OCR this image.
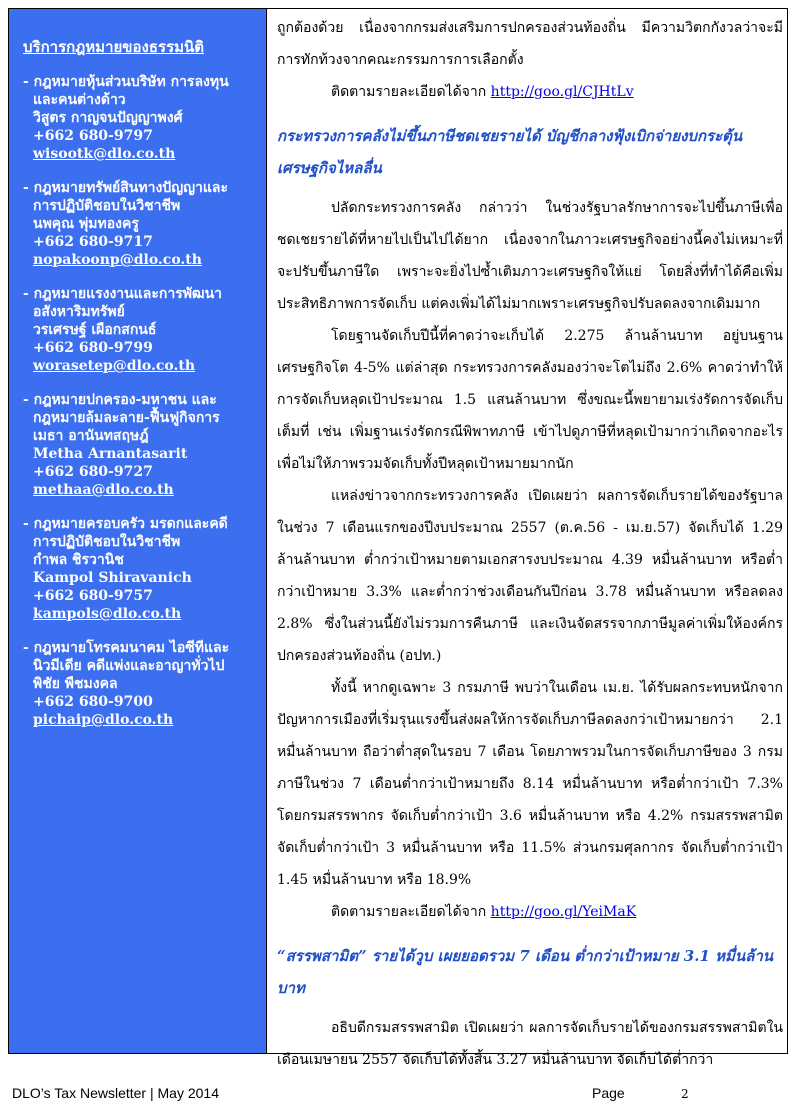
บริการกฎหมายของธรรมนิติ
- กฎหมายหุ้นส่วนบริษัท การลงทุน
และคนต่างด้าว
วิสูตร กาญจนปัญญาพงศ์
+662 680-9797
wisootk@dlo.co.th
- กฎหมายทรัพย์สินทางปัญญาและ
การปฏิบัติชอบในวิชาชีพ
นพคุณ พุ่มทองครู
+662 680-9717
nopakoonp@dlo.co.th
- กฎหมายแรงงานและการพัฒนา
อสังหาริมทรัพย์
วรเศรษฐ์ เผือกสกนธ์
+662 680-9799
worasetep@dlo.co.th
- กฎหมายปกครอง-มหาชน และ
กฎหมายล้มละลาย-ฟื้นฟูกิจการ
เมธา อานันทสฤษฎ์
Metha Arnantasarit
+662 680-9727
methaa@dlo.co.th
- กฎหมายครอบครัว มรดกและคดี
การปฏิบัติชอบในวิชาชีพ
กำพล ชิรวานิช
Kampol Shiravanich
+662 680-9757
kampols@dlo.co.th
- กฎหมายโทรคมนาคม ไอซีทีและ
นิวมีเดีย คดีแพ่งและอาญาทั่วไป
พิชัย พืชมงคล
+662 680-9700
pichaip@dlo.co.th

ถูกต้องด้วย เนื่องจากกรมส่งเสริมการปกครองส่วนท้องถิ่น มีความวิตกกังวลว่าจะมีการทักท้วงจากคณะกรรมการการเลือกตั้ง

ติดตามรายละเอียดได้จาก http://goo.gl/CJHtLv

กระทรวงการคลังไม่ขึ้นภาษีชดเชยรายได้ บัญชีกลางฟุ้งเบิกจ่ายงบกระตุ้นเศรษฐกิจไหลลื่น

ปลัดกระทรวงการคลัง กล่าวว่า ในช่วงรัฐบาลรักษาการจะไปขึ้นภาษีเพื่อชดเชยรายได้ที่หายไปเป็นไปได้ยาก เนื่องจากในภาวะเศรษฐกิจอย่างนี้คงไม่เหมาะที่จะปรับขึ้นภาษีใด เพราะจะยิ่งไปซ้ำเติมภาวะเศรษฐกิจให้แย่ โดยสิ่งที่ทำได้คือเพิ่มประสิทธิภาพการจัดเก็บ แต่คงเพิ่มได้ไม่มากเพราะเศรษฐกิจปรับลดลงจากเดิมมาก

โดยฐานจัดเก็บปีนี้ที่คาดว่าจะเก็บได้ 2.275 ล้านล้านบาท อยู่บนฐานเศรษฐกิจโต 4-5% แต่ล่าสุด กระทรวงการคลังมองว่าจะโตไม่ถึง 2.6% คาดว่าทำให้การจัดเก็บหลุดเป้าประมาณ 1.5 แสนล้านบาท ซึ่งขณะนี้พยายามเร่งรัดการจัดเก็บเต็มที่ เช่น เพิ่มฐานเร่งรัดกรณีพิพาทภาษี เข้าไปดูภาษีที่หลุดเป้ามากว่าเกิดจากอะไร เพื่อไม่ให้ภาพรวมจัดเก็บทั้งปีหลุดเป้าหมายมากนัก

แหล่งข่าวจากกระทรวงการคลัง เปิดเผยว่า ผลการจัดเก็บรายได้ของรัฐบาลในช่วง 7 เดือนแรกของปีงบประมาณ 2557 (ต.ค.56 - เม.ย.57) จัดเก็บได้ 1.29 ล้านล้านบาท ต่ำกว่าเป้าหมายตามเอกสารงบประมาณ 4.39 หมื่นล้านบาท หรือต่ำกว่าเป้าหมาย 3.3% และต่ำกว่าช่วงเดือนกันปีก่อน 3.78 หมื่นล้านบาท หรือลดลง 2.8% ซึ่งในส่วนนี้ยังไม่รวมการคืนภาษี และเงินจัดสรรจากภาษีมูลค่าเพิ่มให้องค์กรปกครองส่วนท้องถิ่น (อปท.)

ทั้งนี้ หากดูเฉพาะ 3 กรมภาษี พบว่าในเดือน เม.ย. ได้รับผลกระทบหนักจากปัญหาการเมืองที่เริ่มรุนแรงขึ้นส่งผลให้การจัดเก็บภาษีลดลงกว่าเป้าหมายกว่า 2.1 หมื่นล้านบาท ถือว่าต่ำสุดในรอบ 7 เดือน โดยภาพรวมในการจัดเก็บภาษีของ 3 กรมภาษีในช่วง 7 เดือนต่ำกว่าเป้าหมายถึง 8.14 หมื่นล้านบาท หรือต่ำกว่าเป้า 7.3% โดยกรมสรรพากร จัดเก็บต่ำกว่าเป้า 3.6 หมื่นล้านบาท หรือ 4.2% กรมสรรพสามิต จัดเก็บต่ำกว่าเป้า 3 หมื่นล้านบาท หรือ 11.5% ส่วนกรมศุลกากร จัดเก็บต่ำกว่าเป้า 1.45 หมื่นล้านบาท หรือ 18.9%

ติดตามรายละเอียดได้จาก http://goo.gl/YeiMaK

“สรรพสามิต” รายได้วูบ เผยยอดรวม 7 เดือน ต่ำกว่าเป้าหมาย 3.1 หมื่นล้านบาท

อธิบดีกรมสรรพสามิต เปิดเผยว่า ผลการจัดเก็บรายได้ของกรมสรรพสามิตในเดือนเมษายน 2557 จัดเก็บได้ทั้งสิ้น 3.27 หมื่นล้านบาท จัดเก็บได้ต่ำกว่า

DLO’s Tax Newsletter | May 2014	Page	2
